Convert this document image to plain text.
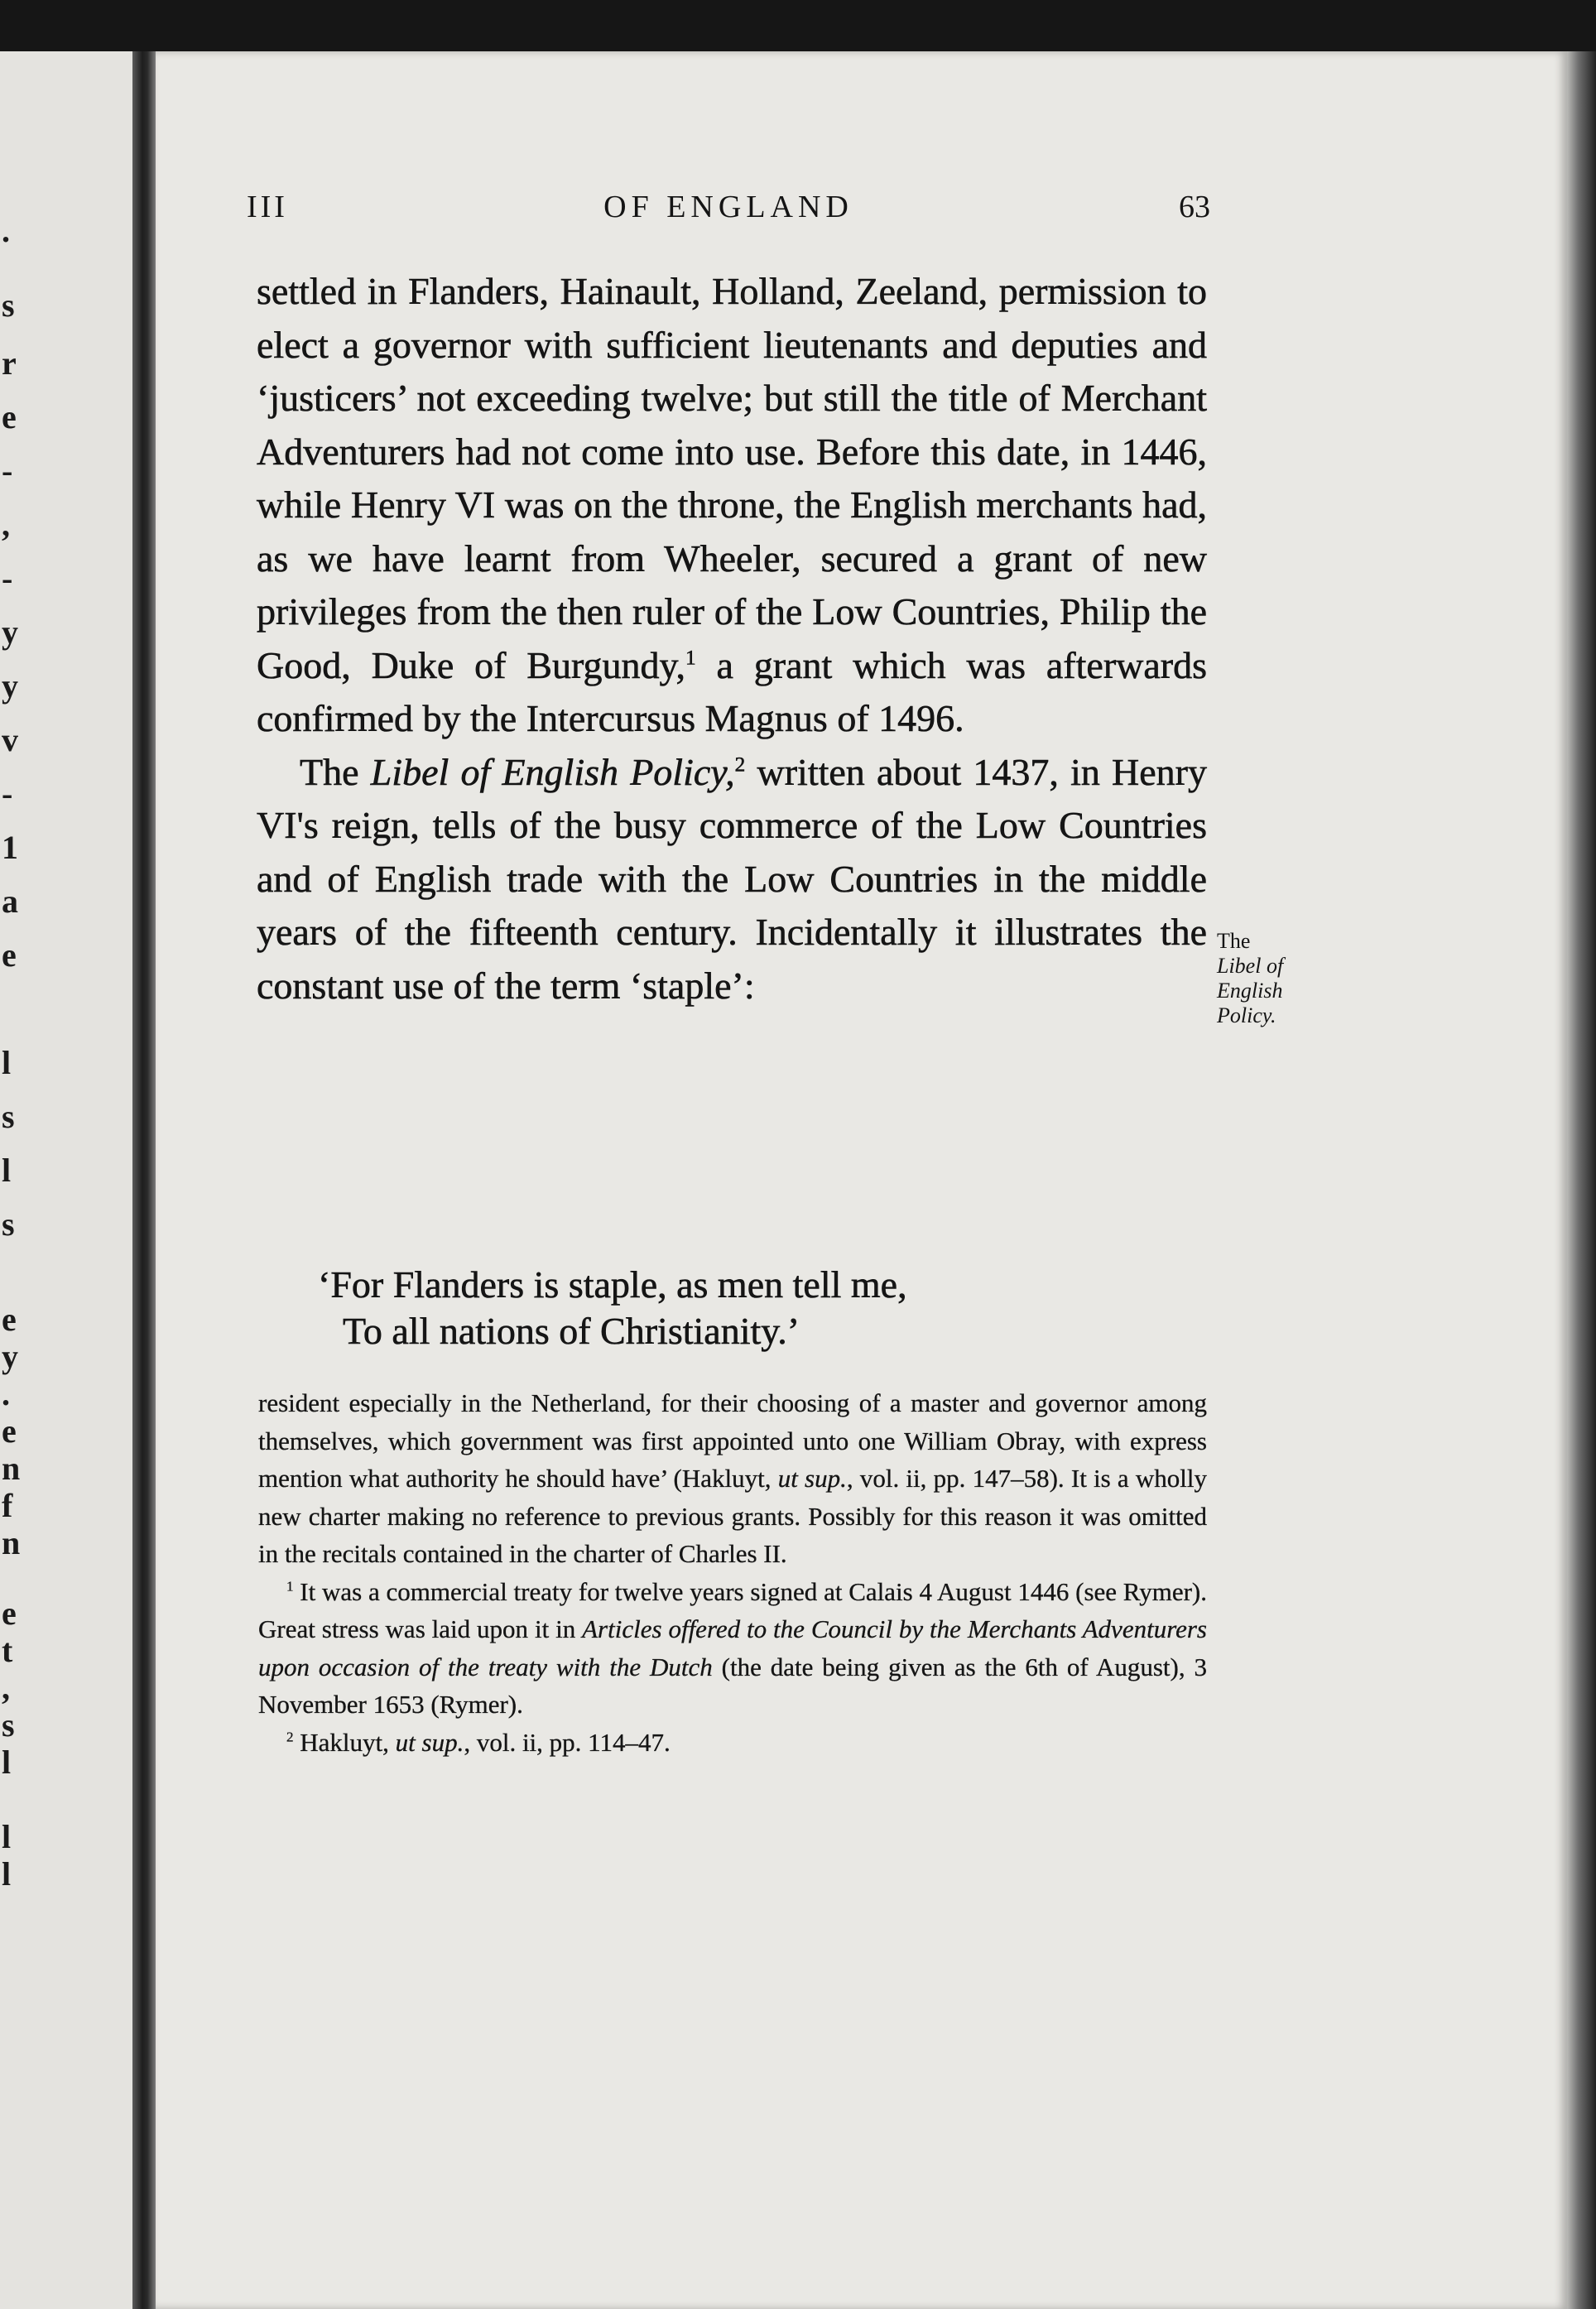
.
s
r
e
-
,
-
y
y
v
-
1
a
e
l
s
l
s
e
y
.
e
n
f
n
e
t
,
s
l
l
l
III	OF ENGLAND	63

settled in Flanders, Hainault, Holland, Zeeland, permission to elect a governor with sufficient lieutenants and deputies and ‘justicers’ not exceeding twelve; but still the title of Merchant Adventurers had not come into use. Before this date, in 1446, while Henry VI was on the throne, the English merchants had, as we have learnt from Wheeler, secured a grant of new privileges from the then ruler of the Low Countries, Philip the Good, Duke of Burgundy,$^1$ a grant which was afterwards confirmed by the Intercursus Magnus of 1496.

The Libel of English Policy,$^2$ written about 1437, in Henry VI's reign, tells of the busy commerce of the Low Countries and of English trade with the Low Countries in the middle years of the fifteenth century. Incidentally it illustrates the constant use of the term ‘staple’:

The
Libel of English Policy.
‘For Flanders is staple, as men tell me,
To all nations of Christianity.’

resident especially in the Netherland, for their choosing of a master and governor among themselves, which government was first appointed unto one William Obray, with express mention what authority he should have’ (Hakluyt, ut sup., vol. ii, pp. 147–58). It is a wholly new charter making no reference to previous grants. Possibly for this reason it was omitted in the recitals contained in the charter of Charles II.

$^1$ It was a commercial treaty for twelve years signed at Calais 4 August 1446 (see Rymer). Great stress was laid upon it in Articles offered to the Council by the Merchants Adventurers upon occasion of the treaty with the Dutch (the date being given as the 6th of August), 3 November 1653 (Rymer).

$^2$ Hakluyt, ut sup., vol. ii, pp. 114–47.
